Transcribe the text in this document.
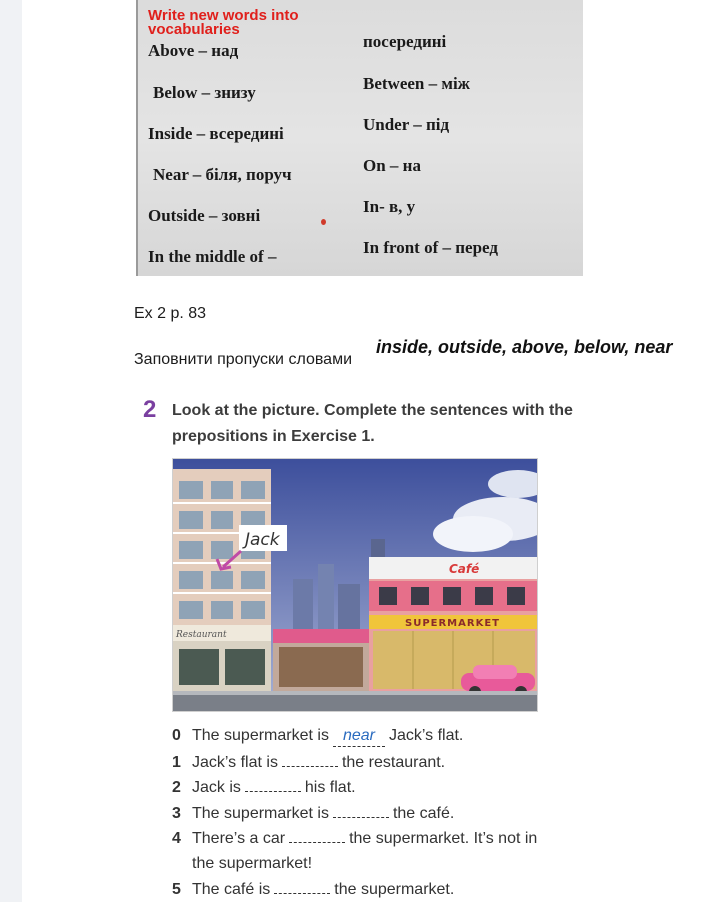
Write new words into vocabularies
Above – над
Below – знизу
Inside – всередині
Near – біля, поруч
Outside – зовні
In the middle of –
посередині
Between – між
Under – під
On – на
In- в, у
In front of – перед
Ex 2 p. 83
Заповнити пропуски словами
inside, outside, above, below, near
2 Look at the picture. Complete the sentences with the prepositions in Exercise 1.
Restaurant
Café
SUPERMARKET
Jack
0 The supermarket is near Jack’s flat.
1 Jack’s flat is	the restaurant.
2 Jack is	his flat.
3 The supermarket is	the café.
4 There’s a car	the supermarket. It’s not in
the supermarket!
5 The café is	the supermarket.
